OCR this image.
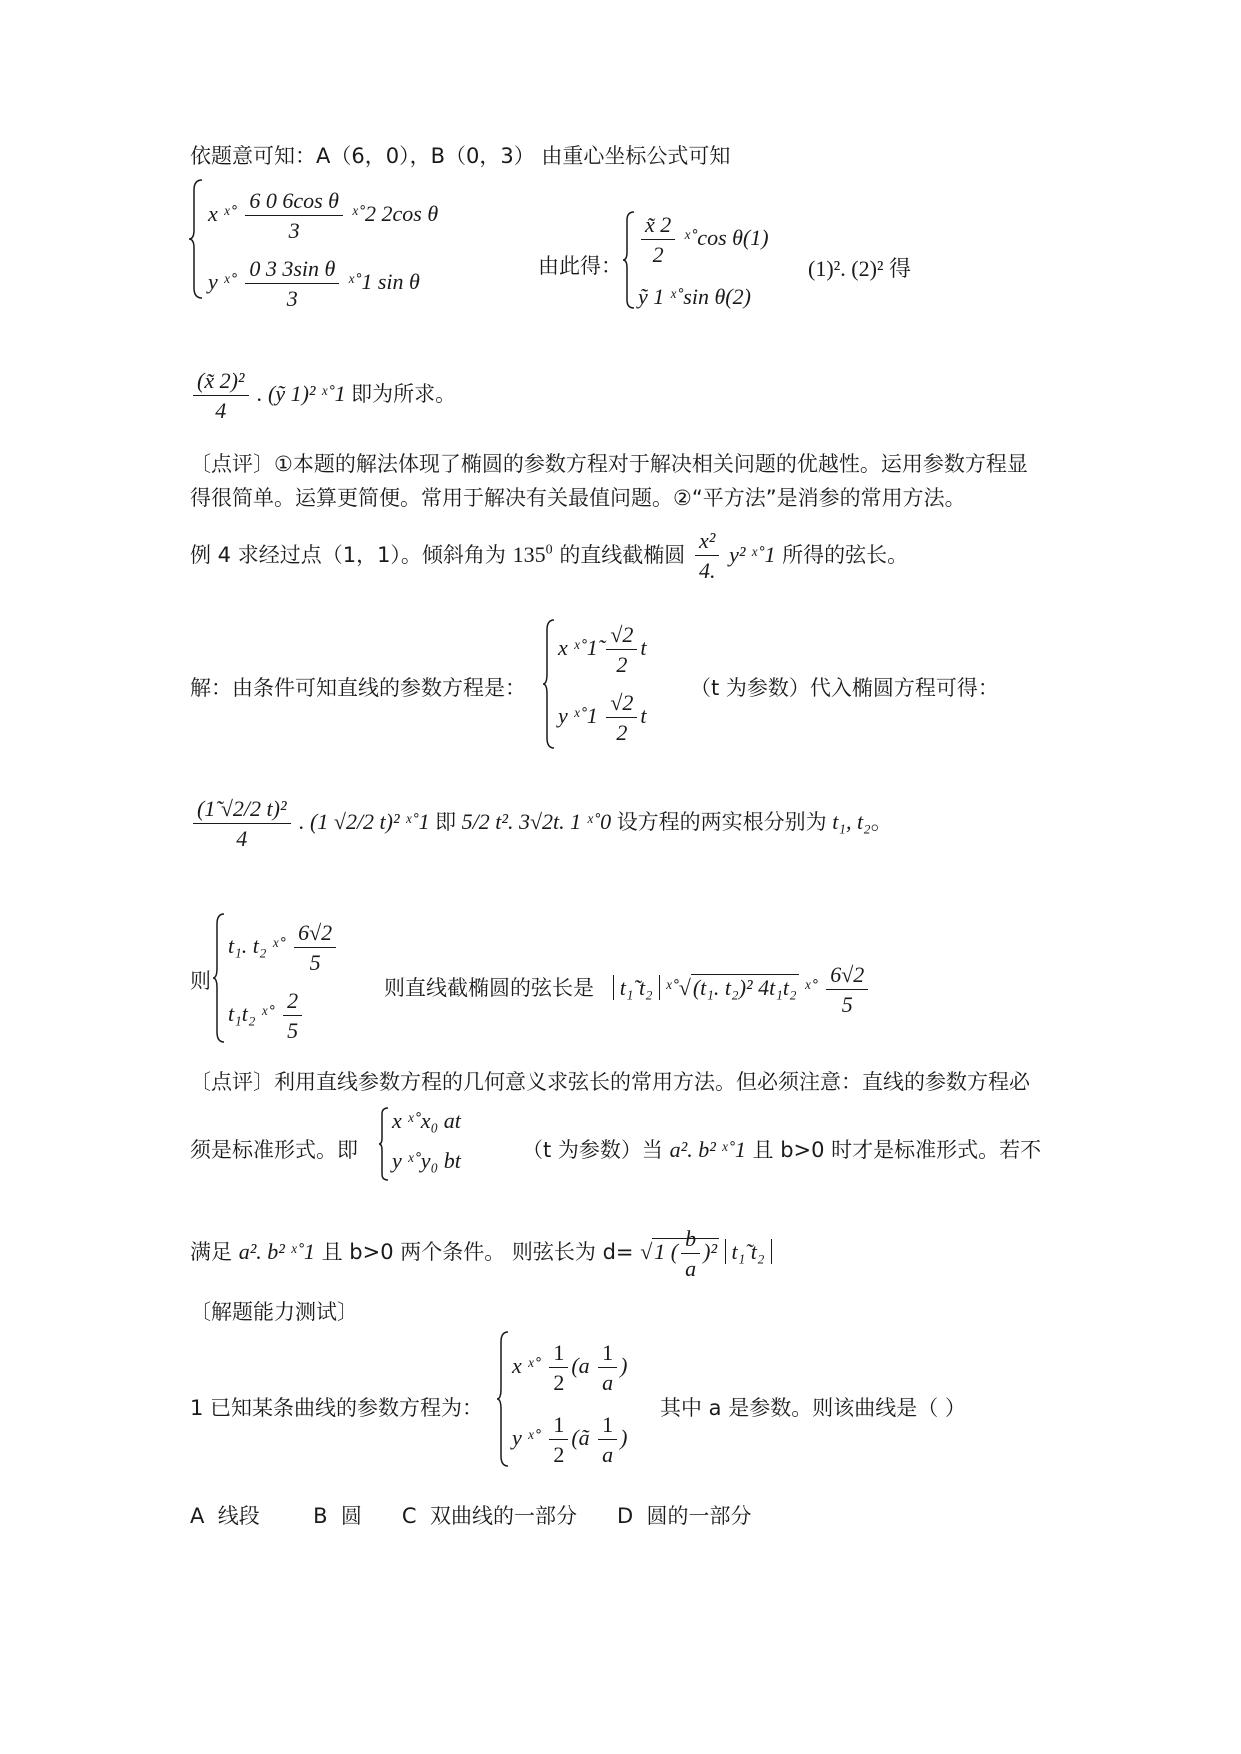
依题意可知：A（6，0），B（0，3） 由重心坐标公式可知
x ˣ˚ $\frac{\text{6 0 6cos θ}}{3}$ ˣ˚2 2cos θ
y ˣ˚ $\frac{\text{0 3 3sin θ}}{3}$ ˣ˚1 sin θ
由此得： $\frac{x̃ 2}{2}$ ˣ˚cos θ(1)
ỹ 1 ˣ˚sin θ(2)
(1)². (2)² 得
$\frac{\text{(x̃ 2)²}}{4}$ . (ỹ 1)² ˣ˚1 即为所求。
〔点评〕①本题的解法体现了椭圆的参数方程对于解决相关问题的优越性。运用参数方程显
得很简单。运算更简便。常用于解决有关最值问题。②“平方法”是消参的常用方法。
例 4 求经过点（1，1）。倾斜角为 $135^0$ 的直线截椭圆 $\frac{\text{x²}}{4.} y^2$ ˣ˚1 所得的弦长。
解：由条件可知直线的参数方程是：
x ˣ˚1̃ $\frac{√2}{2}$ t
y ˣ˚1 $\frac{√2}{2}$ t
（t 为参数）代入椭圆方程可得：
$\frac{\text{(1̃ √2/2 t)²}}{4}$ . (1 √2/2 t)² ˣ˚1 即 5/2 t². 3√2t. 1 ˣ˚0 设方程的两实根分别为 t₁, t₂。
则
t₁. t₂ ˣ˚ $\frac{6√2}{5}$
t₁t₂ ˣ˚ $\frac{2}{5}$
则直线截椭圆的弦长是 t₁̃ t₂ ˣ˚√(t₁. t₂)² 4t₁t₂ ˣ˚ $\frac{6√2}{5}$
〔点评〕利用直线参数方程的几何意义求弦长的常用方法。但必须注意：直线的参数方程必
须是标准形式。即
x ˣ˚x₀ at
y ˣ˚y₀ bt	（t 为参数）当 a². b² ˣ˚1 且 b>0 时才是标准形式。若不
满足 a². b² ˣ˚1 且 b>0 两个条件。 则弦长为 d= √1 ( $\frac{b}{a} )^2$ t₁̃ t₂
〔解题能力测试〕
1 已知某条曲线的参数方程为：
x ˣ˚ $\frac{1}{2} (a \frac{1}{a}$ )
y ˣ˚ $\frac{1}{2}$ (ã $\frac{1}{a}$ )
其中 a 是参数。则该曲线是（ ）
A  线段        B  圆      C  双曲线的一部分      D  圆的一部分
